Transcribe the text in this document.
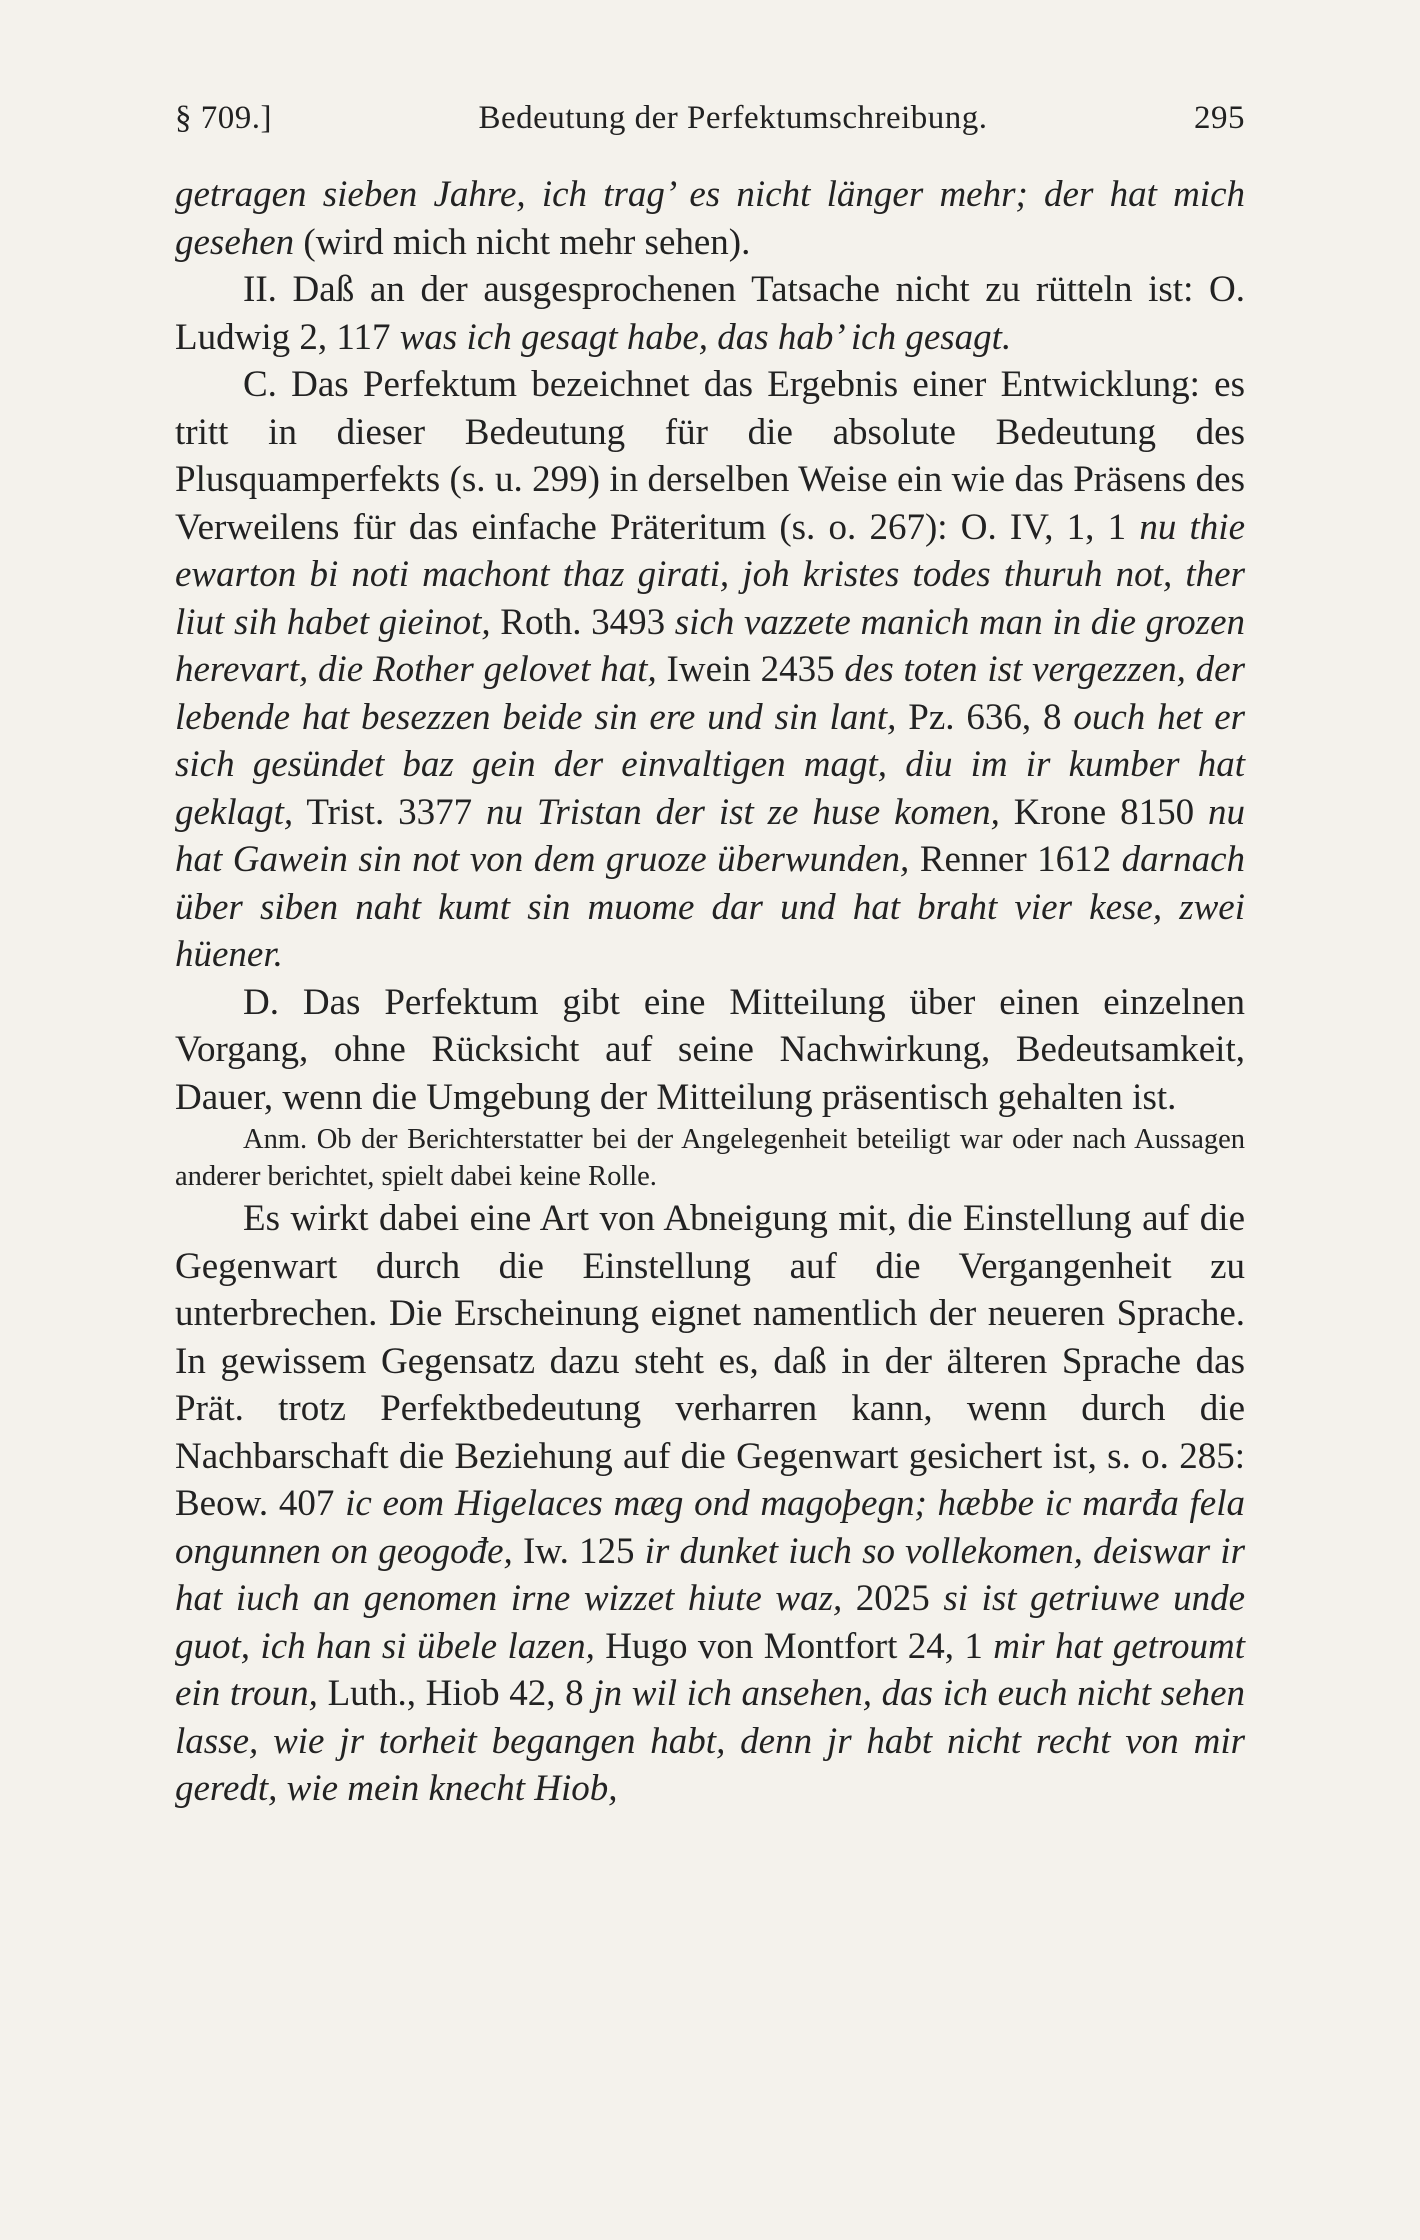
§ 709.]	Bedeutung der Perfektumschreibung.	295

getragen sieben Jahre, ich trag’ es nicht länger mehr; der hat mich gesehen (wird mich nicht mehr sehen).

II. Daß an der ausgesprochenen Tatsache nicht zu rütteln ist: O. Ludwig 2, 117 was ich gesagt habe, das hab’ ich gesagt.

C. Das Perfektum bezeichnet das Ergebnis einer Entwicklung: es tritt in dieser Bedeutung für die absolute Bedeutung des Plusquamperfekts (s. u. 299) in derselben Weise ein wie das Präsens des Verweilens für das einfache Präteritum (s. o. 267): O. IV, 1, 1 nu thie ewarton bi noti machont thaz girati, joh kristes todes thuruh not, ther liut sih habet gieinot, Roth. 3493 sich vazzete manich man in die grozen herevart, die Rother gelovet hat, Iwein 2435 des toten ist vergezzen, der lebende hat besezzen beide sin ere und sin lant, Pz. 636, 8 ouch het er sich gesündet baz gein der einvaltigen magt, diu im ir kumber hat geklagt, Trist. 3377 nu Tristan der ist ze huse komen, Krone 8150 nu hat Gawein sin not von dem gruoze überwunden, Renner 1612 darnach über siben naht kumt sin muome dar und hat braht vier kese, zwei hüener.

D. Das Perfektum gibt eine Mitteilung über einen einzelnen Vorgang, ohne Rücksicht auf seine Nachwirkung, Bedeutsamkeit, Dauer, wenn die Umgebung der Mitteilung präsentisch gehalten ist.

Anm. Ob der Berichterstatter bei der Angelegenheit beteiligt war oder nach Aussagen anderer berichtet, spielt dabei keine Rolle.

Es wirkt dabei eine Art von Abneigung mit, die Einstellung auf die Gegenwart durch die Einstellung auf die Vergangenheit zu unterbrechen. Die Erscheinung eignet namentlich der neueren Sprache. In gewissem Gegensatz dazu steht es, daß in der älteren Sprache das Prät. trotz Perfektbedeutung verharren kann, wenn durch die Nachbarschaft die Beziehung auf die Gegenwart gesichert ist, s. o. 285: Beow. 407 ic eom Higelaces mæg ond magoþegn; hæbbe ic marđa fela ongunnen on geogođe, Iw. 125 ir dunket iuch so vollekomen, deiswar ir hat iuch an genomen irne wizzet hiute waz, 2025 si ist getriuwe unde guot, ich han si übele lazen, Hugo von Montfort 24, 1 mir hat getroumt ein troun, Luth., Hiob 42, 8 jn wil ich ansehen, das ich euch nicht sehen lasse, wie jr torheit begangen habt, denn jr habt nicht recht von mir geredt, wie mein knecht Hiob,
